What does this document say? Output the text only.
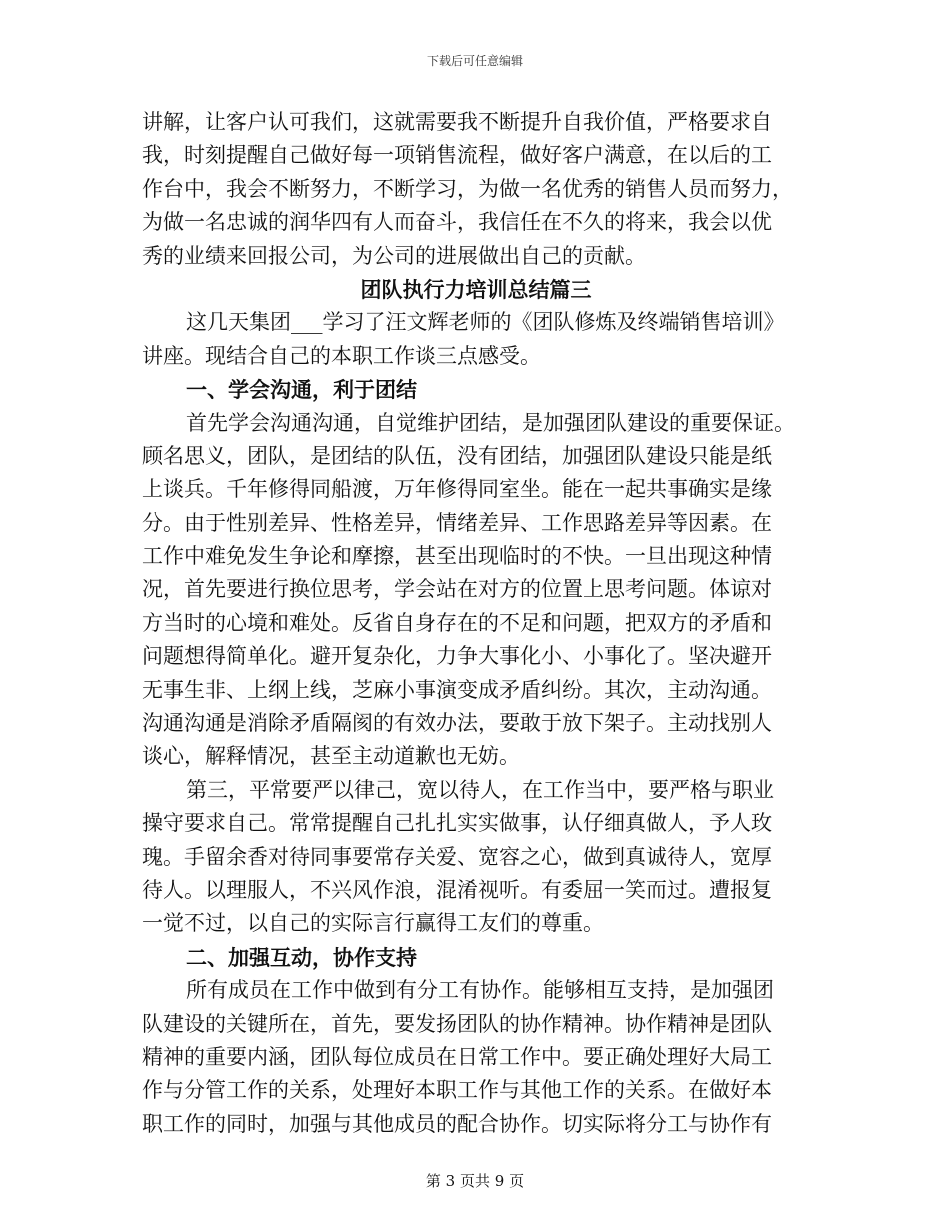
下载后可任意编辑
讲解，让客户认可我们，这就需要我不断提升自我价值，严格要求自
我，时刻提醒自己做好每一项销售流程，做好客户满意，在以后的工
作台中，我会不断努力，不断学习，为做一名优秀的销售人员而努力，
为做一名忠诚的润华四有人而奋斗，我信任在不久的将来，我会以优
秀的业绩来回报公司，为公司的进展做出自己的贡献。
团队执行力培训总结篇三
这几天集团___学习了汪文辉老师的《团队修炼及终端销售培训》
讲座。现结合自己的本职工作谈三点感受。
一、学会沟通，利于团结
首先学会沟通沟通，自觉维护团结，是加强团队建设的重要保证。
顾名思义，团队，是团结的队伍，没有团结，加强团队建设只能是纸
上谈兵。千年修得同船渡，万年修得同室坐。能在一起共事确实是缘
分。由于性别差异、性格差异，情绪差异、工作思路差异等因素。在
工作中难免发生争论和摩擦，甚至出现临时的不快。一旦出现这种情
况，首先要进行换位思考，学会站在对方的位置上思考问题。体谅对
方当时的心境和难处。反省自身存在的不足和问题，把双方的矛盾和
问题想得简单化。避开复杂化，力争大事化小、小事化了。坚决避开
无事生非、上纲上线，芝麻小事演变成矛盾纠纷。其次，主动沟通。
沟通沟通是消除矛盾隔阂的有效办法，要敢于放下架子。主动找别人
谈心，解释情况，甚至主动道歉也无妨。
第三，平常要严以律己，宽以待人，在工作当中，要严格与职业
操守要求自己。常常提醒自己扎扎实实做事，认仔细真做人，予人玫
瑰。手留余香对待同事要常存关爱、宽容之心，做到真诚待人，宽厚
待人。以理服人，不兴风作浪，混淆视听。有委屈一笑而过。遭报复
一觉不过，以自己的实际言行赢得工友们的尊重。
二、加强互动，协作支持
所有成员在工作中做到有分工有协作。能够相互支持，是加强团
队建设的关键所在，首先，要发扬团队的协作精神。协作精神是团队
精神的重要内涵，团队每位成员在日常工作中。要正确处理好大局工
作与分管工作的关系，处理好本职工作与其他工作的关系。在做好本
职工作的同时，加强与其他成员的配合协作。切实际将分工与协作有
第 3 页共 9 页
